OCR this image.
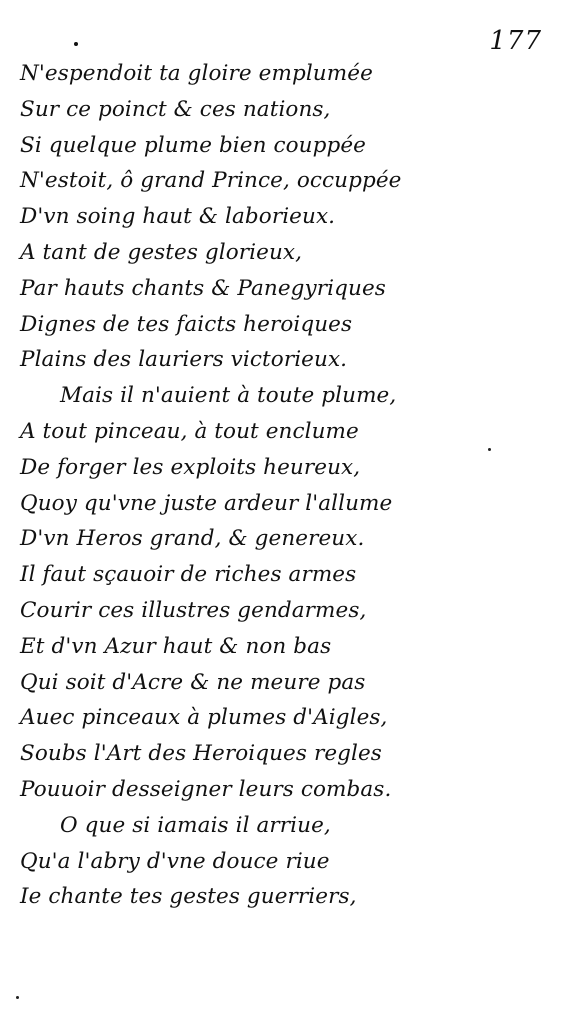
177
N'espendoit ta gloire emplumée
Sur ce poinct & ces nations,
Si quelque plume bien couppée
N'estoit, ô grand Prince, occuppée
D'vn soing haut & laborieux.
A tant de gestes glorieux,
Par hauts chants & Panegyriques
Dignes de tes faicts heroiques
Plains des lauriers victorieux.
Mais il n'auient à toute plume,
A tout pinceau, à tout enclume
De forger les exploits heureux,
Quoy qu'vne juste ardeur l'allume
D'vn Heros grand, & genereux.
Il faut sçauoir de riches armes
Courir ces illustres gendarmes,
Et d'vn Azur haut & non bas
Qui soit d'Acre & ne meure pas
Auec pinceaux à plumes d'Aigles,
Soubs l'Art des Heroiques regles
Pouuoir desseigner leurs combas.
O que si iamais il arriue,
Qu'a l'abry d'vne douce riue
Ie chante tes gestes guerriers,
